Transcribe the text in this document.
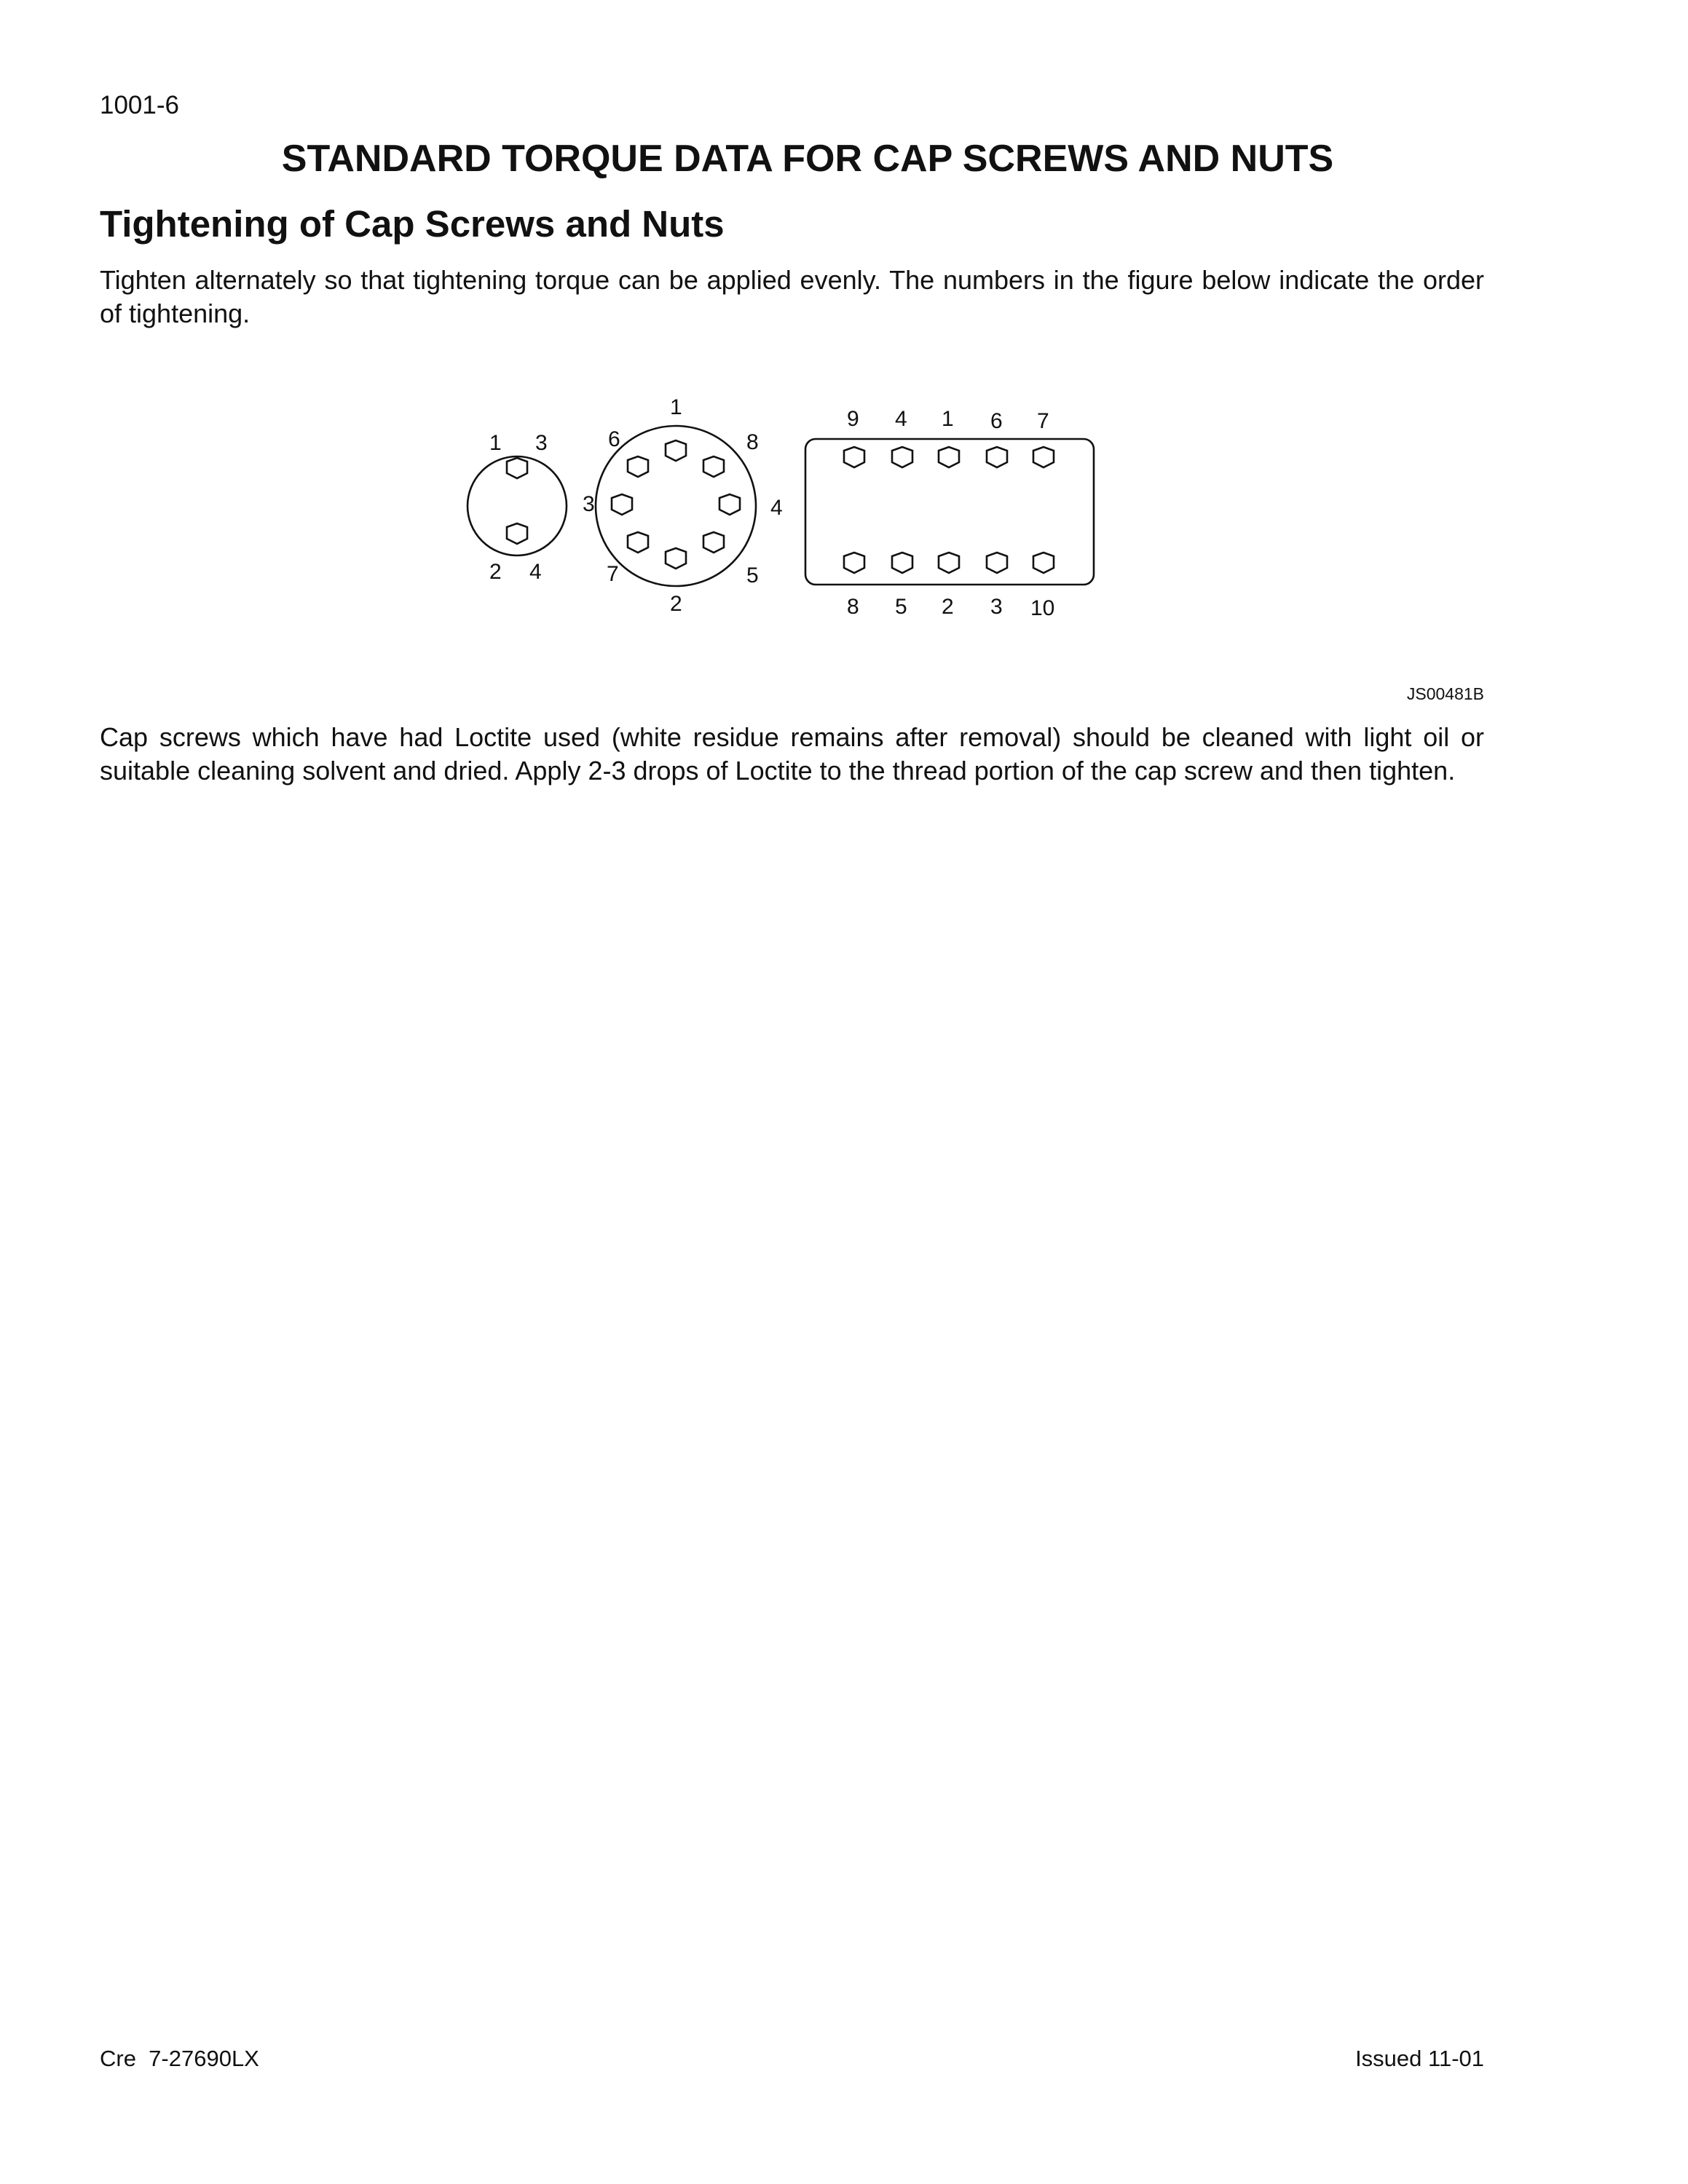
1001-6
STANDARD TORQUE DATA FOR CAP SCREWS AND NUTS
Tightening of Cap Screws and Nuts
Tighten alternately so that tightening torque can be applied evenly. The numbers in the figure below indicate the order of tightening.
1 3
2 4
1
8
4
5
2
7
3
6
9 4 1 6 7
8 5 2 3 10
JS00481B
Cap screws which have had Loctite used (white residue remains after removal) should be cleaned with light oil or suitable cleaning solvent and dried. Apply 2-3 drops of Loctite to the thread portion of the cap screw and then tighten.
Cre  7-27690LX	Issued 11-01
